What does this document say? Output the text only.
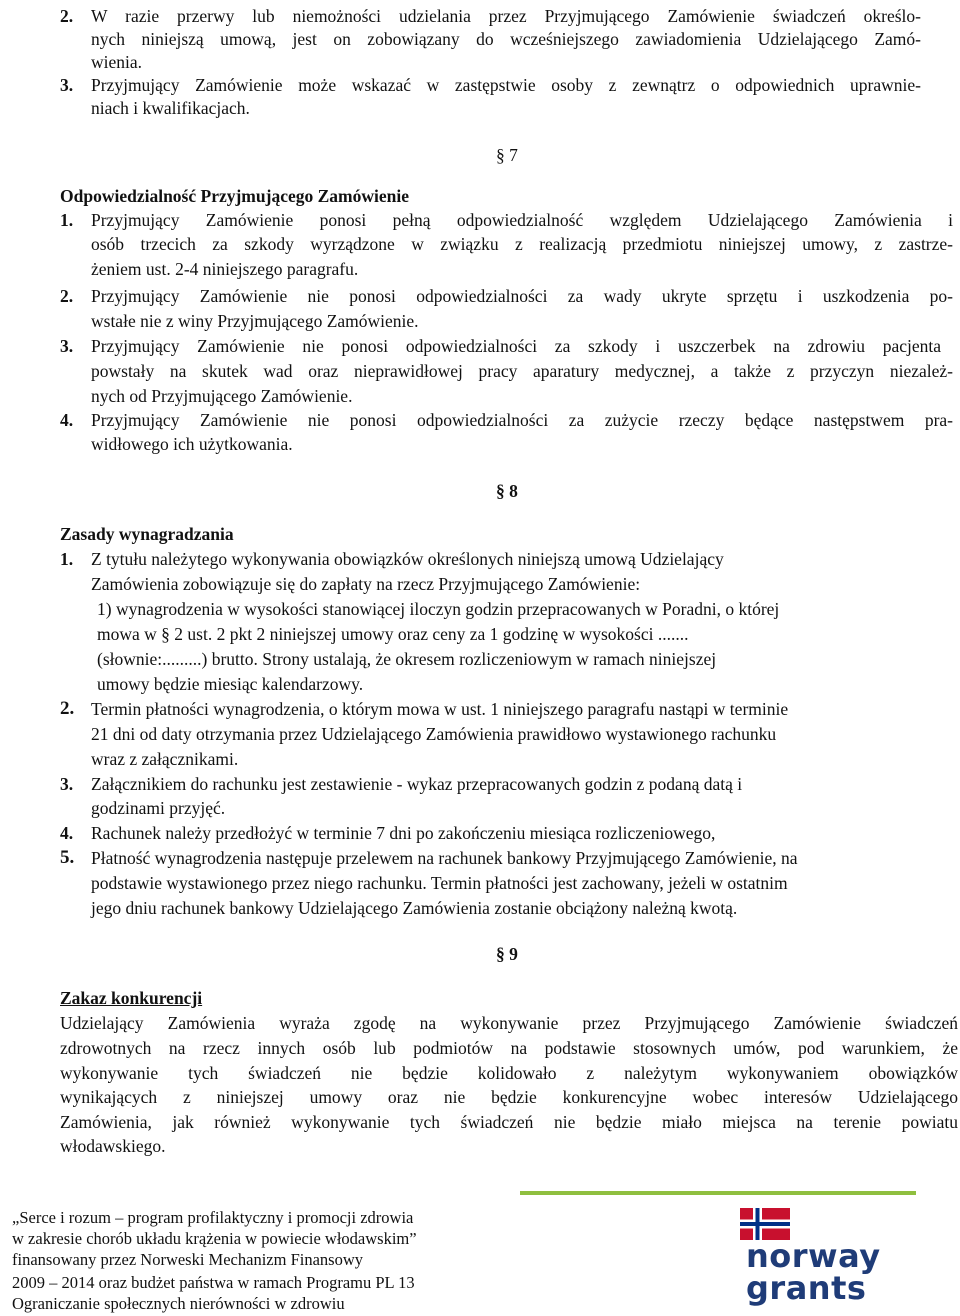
2. W razie przerwy lub niemożności udzielania przez Przyjmującego Zamówienie świadczeń określo-
nych niniejszą umową, jest on zobowiązany do wcześniejszego zawiadomienia Udzielającego Zamó-
wienia.
3. Przyjmujący Zamówienie może wskazać w zastępstwie osoby z zewnątrz o odpowiednich uprawnie-
niach i kwalifikacjach.
§ 7
Odpowiedzialność Przyjmującego Zamówienie
1. Przyjmujący Zamówienie ponosi pełną odpowiedzialność względem Udzielającego Zamówienia i
osób trzecich za szkody wyrządzone w związku z realizacją przedmiotu niniejszej umowy, z zastrze-
żeniem ust. 2-4 niniejszego paragrafu.
2. Przyjmujący Zamówienie nie ponosi odpowiedzialności za wady ukryte sprzętu i uszkodzenia po-
wstałe nie z winy Przyjmującego Zamówienie.
3. Przyjmujący Zamówienie nie ponosi odpowiedzialności za szkody i uszczerbek na zdrowiu pacjenta
powstały na skutek wad oraz nieprawidłowej pracy aparatury medycznej, a także z przyczyn niezależ-
nych od Przyjmującego Zamówienie.
4. Przyjmujący Zamówienie nie ponosi odpowiedzialności za zużycie rzeczy będące następstwem pra-
widłowego ich użytkowania.
§ 8
Zasady wynagradzania
1. Z tytułu należytego wykonywania obowiązków określonych niniejszą umową Udzielający
Zamówienia zobowiązuje się do zapłaty na rzecz Przyjmującego Zamówienie:
1) wynagrodzenia w wysokości stanowiącej iloczyn godzin przepracowanych w Poradni, o której
mowa w § 2 ust. 2 pkt 2 niniejszej umowy oraz ceny za 1 godzinę w wysokości .......
(słownie:.........) brutto. Strony ustalają, że okresem rozliczeniowym w ramach niniejszej
umowy będzie miesiąc kalendarzowy.
2. Termin płatności wynagrodzenia, o którym mowa w ust. 1 niniejszego paragrafu nastąpi w terminie
21 dni od daty otrzymania przez Udzielającego Zamówienia prawidłowo wystawionego rachunku
wraz z załącznikami.
3. Załącznikiem do rachunku jest zestawienie - wykaz przepracowanych godzin z podaną datą i
godzinami przyjęć.
4. Rachunek należy przedłożyć w terminie 7 dni po zakończeniu miesiąca rozliczeniowego,
5. Płatność wynagrodzenia następuje przelewem na rachunek bankowy Przyjmującego Zamówienie, na
podstawie wystawionego przez niego rachunku. Termin płatności jest zachowany, jeżeli w ostatnim
jego dniu rachunek bankowy Udzielającego Zamówienia zostanie obciążony należną kwotą.
§ 9
Zakaz konkurencji
Udzielający Zamówienia wyraża zgodę na wykonywanie przez Przyjmującego Zamówienie świadczeń
zdrowotnych na rzecz innych osób lub podmiotów na podstawie stosownych umów, pod warunkiem, że
wykonywanie tych świadczeń nie będzie kolidowało z należytym wykonywaniem obowiązków
wynikających z niniejszej umowy oraz nie będzie konkurencyjne wobec interesów Udzielającego
Zamówienia, jak również wykonywanie tych świadczeń nie będzie miało miejsca na terenie powiatu
włodawskiego.
„Serce i rozum – program profilaktyczny i promocji zdrowia
w zakresie chorób układu krążenia w powiecie włodawskim”
finansowany przez Norweski Mechanizm Finansowy
2009 – 2014 oraz budżet państwa w ramach Programu PL 13
Ograniczanie społecznych nierówności w zdrowiu
norway
grants
